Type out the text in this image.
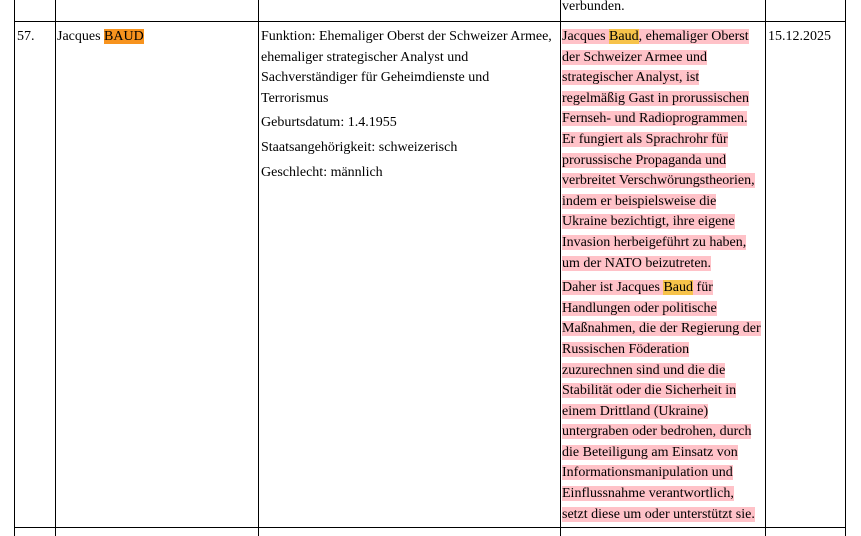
verbunden.
57. Jacques BAUD	Funktion: Ehemaliger Oberst der Schweizer Armee,
ehemaliger strategischer Analyst und
Sachverständiger für Geheimdienste und
Terrorismus
Geburtsdatum: 1.4.1955
Staatsangehörigkeit: schweizerisch
Geschlecht: männlich
Jacques Baud, ehemaliger Oberst
der Schweizer Armee und
strategischer Analyst, ist
regelmäßig Gast in prorussischen
Fernseh- und Radioprogrammen.
Er fungiert als Sprachrohr für
prorussische Propaganda und
verbreitet Verschwörungstheorien,
indem er beispielsweise die
Ukraine bezichtigt, ihre eigene
Invasion herbeigeführt zu haben,
um der NATO beizutreten.
Daher ist Jacques Baud für
Handlungen oder politische
Maßnahmen, die der Regierung der
Russischen Föderation
zuzurechnen sind und die die
Stabilität oder die Sicherheit in
einem Drittland (Ukraine)
untergraben oder bedrohen, durch
die Beteiligung am Einsatz von
Informationsmanipulation und
Einflussnahme verantwortlich,
setzt diese um oder unterstützt sie.
15.12.2025
